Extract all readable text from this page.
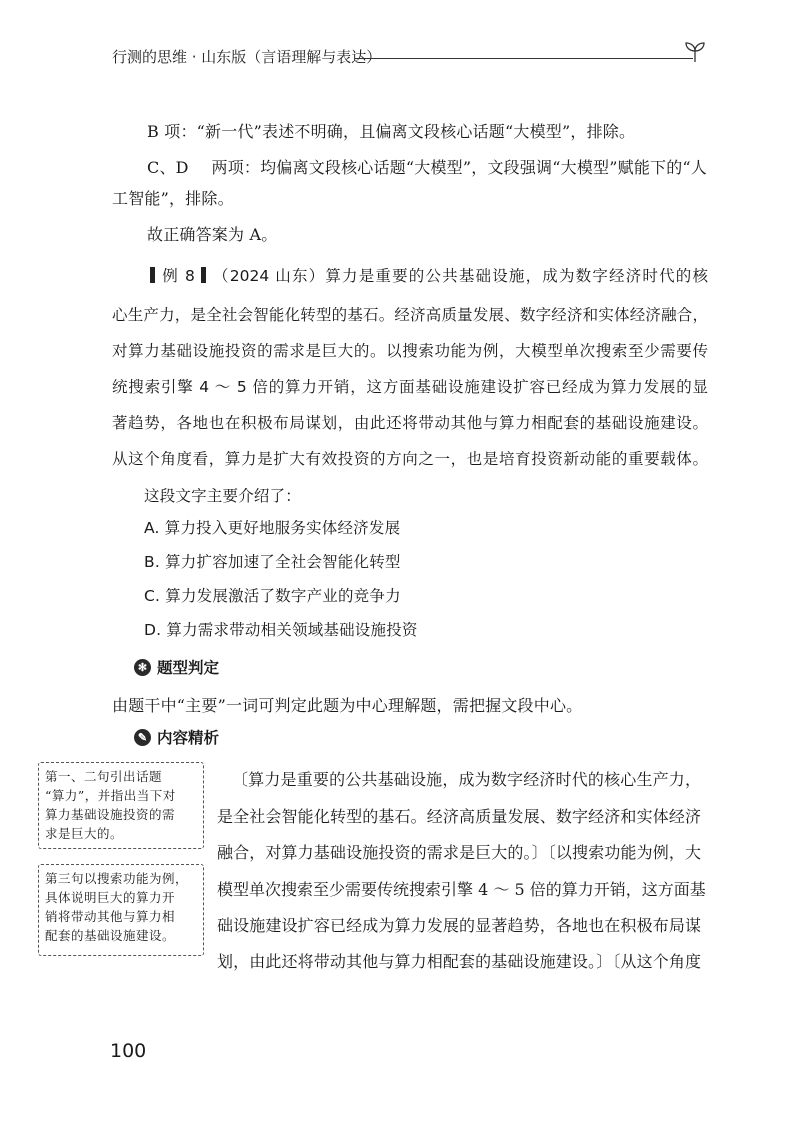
行测的思维 · 山东版（言语理解与表达）
B 项：“新一代”表述不明确，且偏离文段核心话题“大模型”，排除。
C、D 两项：均偏离文段核心话题“大模型”，文段强调“大模型”赋能下的“人
工智能”，排除。
故正确答案为 A。
例 8 （2024 山东）算力是重要的公共基础设施，成为数字经济时代的核
心生产力，是全社会智能化转型的基石。经济高质量发展、数字经济和实体经济融合，
对算力基础设施投资的需求是巨大的。以搜索功能为例，大模型单次搜索至少需要传
统搜索引擎 4 ～ 5 倍的算力开销，这方面基础设施建设扩容已经成为算力发展的显
著趋势，各地也在积极布局谋划，由此还将带动其他与算力相配套的基础设施建设。
从这个角度看，算力是扩大有效投资的方向之一，也是培育投资新动能的重要载体。
这段文字主要介绍了：
A. 算力投入更好地服务实体经济发展
B. 算力扩容加速了全社会智能化转型
C. 算力发展激活了数字产业的竞争力
D. 算力需求带动相关领域基础设施投资
✻ 题型判定
由题干中“主要”一词可判定此题为中心理解题，需把握文段中心。
✎ 内容精析
第一、二句引出话题
“算力”，并指出当下对
算力基础设施投资的需
求是巨大的。
第三句以搜索功能为例，
具体说明巨大的算力开
销将带动其他与算力相
配套的基础设施建设。
〔算力是重要的公共基础设施，成为数字经济时代的核心生产力，
是全社会智能化转型的基石。经济高质量发展、数字经济和实体经济
融合，对算力基础设施投资的需求是巨大的。〕〔以搜索功能为例，大
模型单次搜索至少需要传统搜索引擎 4 ～ 5 倍的算力开销，这方面基
础设施建设扩容已经成为算力发展的显著趋势，各地也在积极布局谋
划，由此还将带动其他与算力相配套的基础设施建设。〕〔从这个角度
100
